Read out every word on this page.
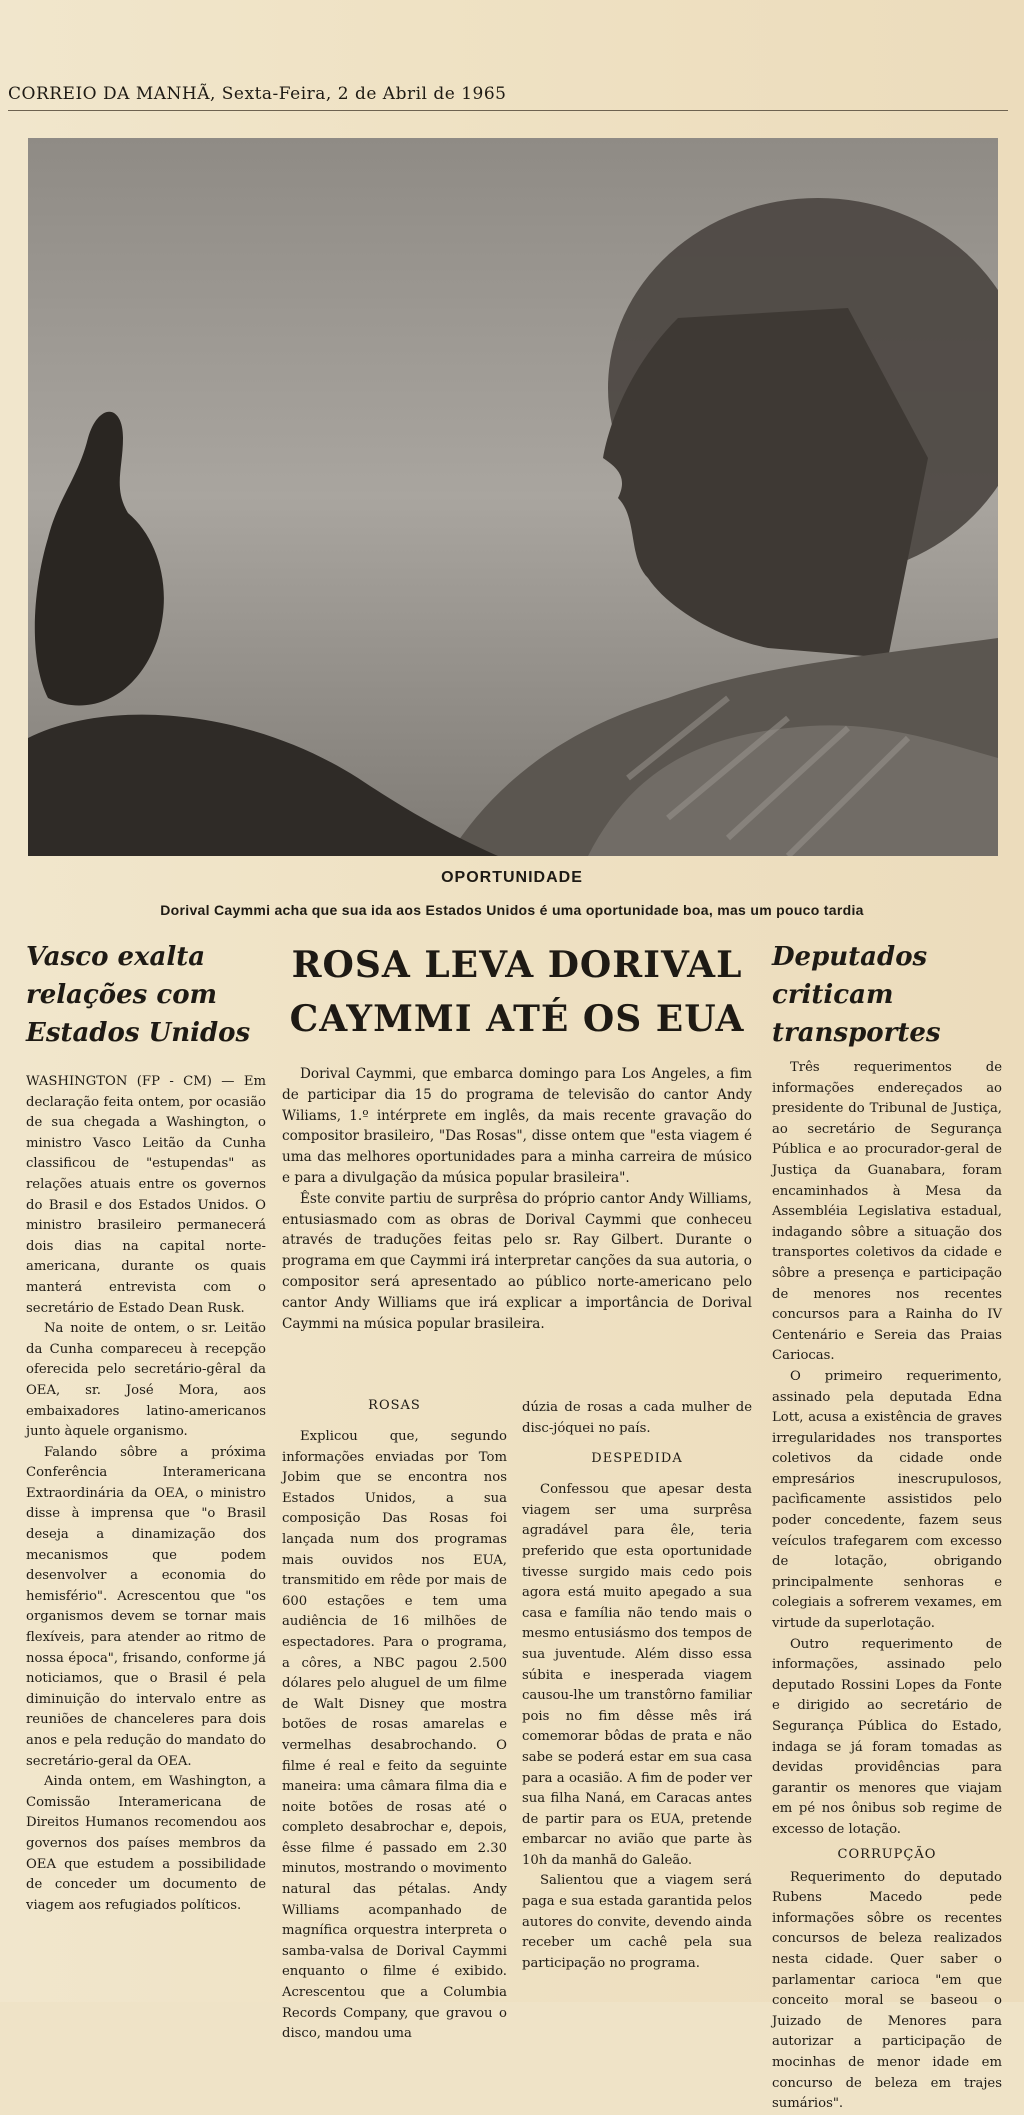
CORREIO DA MANHÃ, Sexta-Feira, 2 de Abril de 1965
OPORTUNIDADE
Dorival Caymmi acha que sua ida aos Estados Unidos é uma oportunidade boa, mas um pouco tardia
Vasco exalta relações com Estados Unidos

WASHINGTON (FP - CM) — Em declaração feita ontem, por ocasião de sua chegada a Washington, o ministro Vasco Leitão da Cunha classificou de "estupendas" as relações atuais entre os governos do Brasil e dos Estados Unidos. O ministro brasileiro permanecerá dois dias na capital norte-americana, durante os quais manterá entrevista com o secretário de Estado Dean Rusk.

Na noite de ontem, o sr. Leitão da Cunha compareceu à recepção oferecida pelo secretário-gêral da OEA, sr. José Mora, aos embaixadores latino-americanos junto àquele organismo.

Falando sôbre a próxima Conferência Interamericana Extraordinária da OEA, o ministro disse à imprensa que "o Brasil deseja a dinamização dos mecanismos que podem desenvolver a economia do hemisfério". Acrescentou que "os organismos devem se tornar mais flexíveis, para atender ao ritmo de nossa época", frisando, conforme já noticiamos, que o Brasil é pela diminuição do intervalo entre as reuniões de chanceleres para dois anos e pela redução do mandato do secretário-geral da OEA.

Ainda ontem, em Washington, a Comissão Interamericana de Direitos Humanos recomendou aos governos dos países membros da OEA que estudem a possibilidade de conceder um documento de viagem aos refugiados políticos.

ROSA LEVA DORIVAL CAYMMI ATÉ OS EUA

Dorival Caymmi, que embarca domingo para Los Angeles, a fim de participar dia 15 do programa de televisão do cantor Andy Wiliams, 1.º intérprete em inglês, da mais recente gravação do compositor brasileiro, "Das Rosas", disse ontem que "esta viagem é uma das melhores oportunidades para a minha carreira de músico e para a divulgação da música popular brasileira".

Êste convite partiu de surprêsa do próprio cantor Andy Williams, entusiasmado com as obras de Dorival Caymmi que conheceu através de traduções feitas pelo sr. Ray Gilbert. Durante o programa em que Caymmi irá interpretar canções da sua autoria, o compositor será apresentado ao público norte-americano pelo cantor Andy Williams que irá explicar a importância de Dorival Caymmi na música popular brasileira.

ROSAS

Explicou que, segundo informações enviadas por Tom Jobim que se encontra nos Estados Unidos, a sua composição Das Rosas foi lançada num dos programas mais ouvidos nos EUA, transmitido em rêde por mais de 600 estações e tem uma audiência de 16 milhões de espectadores. Para o programa, a côres, a NBC pagou 2.500 dólares pelo aluguel de um filme de Walt Disney que mostra botões de rosas amarelas e vermelhas desabrochando. O filme é real e feito da seguinte maneira: uma câmara filma dia e noite botões de rosas até o completo desabrochar e, depois, êsse filme é passado em 2.30 minutos, mostrando o movimento natural das pétalas. Andy Williams acompanhado de magnífica orquestra interpreta o samba-valsa de Dorival Caymmi enquanto o filme é exibido. Acrescentou que a Columbia Records Company, que gravou o disco, mandou uma

dúzia de rosas a cada mulher de disc-jóquei no país.

DESPEDIDA

Confessou que apesar desta viagem ser uma surprêsa agradável para êle, teria preferido que esta oportunidade tivesse surgido mais cedo pois agora está muito apegado a sua casa e família não tendo mais o mesmo entusiásmo dos tempos de sua juventude. Além disso essa súbita e inesperada viagem causou-lhe um transtôrno familiar pois no fim dêsse mês irá comemorar bôdas de prata e não sabe se poderá estar em sua casa para a ocasião. A fim de poder ver sua filha Naná, em Caracas antes de partir para os EUA, pretende embarcar no avião que parte às 10h da manhã do Galeão.

Salientou que a viagem será paga e sua estada garantida pelos autores do convite, devendo ainda receber um cachê pela sua participação no programa.

Deputados criticam transportes

Três requerimentos de informações endereçados ao presidente do Tribunal de Justiça, ao secretário de Segurança Pública e ao procurador-geral de Justiça da Guanabara, foram encaminhados à Mesa da Assembléia Legislativa estadual, indagando sôbre a situação dos transportes coletivos da cidade e sôbre a presença e participação de menores nos recentes concursos para a Rainha do IV Centenário e Sereia das Praias Cariocas.

O primeiro requerimento, assinado pela deputada Edna Lott, acusa a existência de graves irregularidades nos transportes coletivos da cidade onde empresários inescrupulosos, pacìficamente assistidos pelo poder concedente, fazem seus veículos trafegarem com excesso de lotação, obrigando principalmente senhoras e colegiais a sofrerem vexames, em virtude da superlotação.

Outro requerimento de informações, assinado pelo deputado Rossini Lopes da Fonte e dirigido ao secretário de Segurança Pública do Estado, indaga se já foram tomadas as devidas providências para garantir os menores que viajam em pé nos ônibus sob regime de excesso de lotação.

CORRUPÇÃO

Requerimento do deputado Rubens Macedo pede informações sôbre os recentes concursos de beleza realizados nesta cidade. Quer saber o parlamentar carioca "em que conceito moral se baseou o Juizado de Menores para autorizar a participação de mocinhas de menor idade em concurso de beleza em trajes sumários".
